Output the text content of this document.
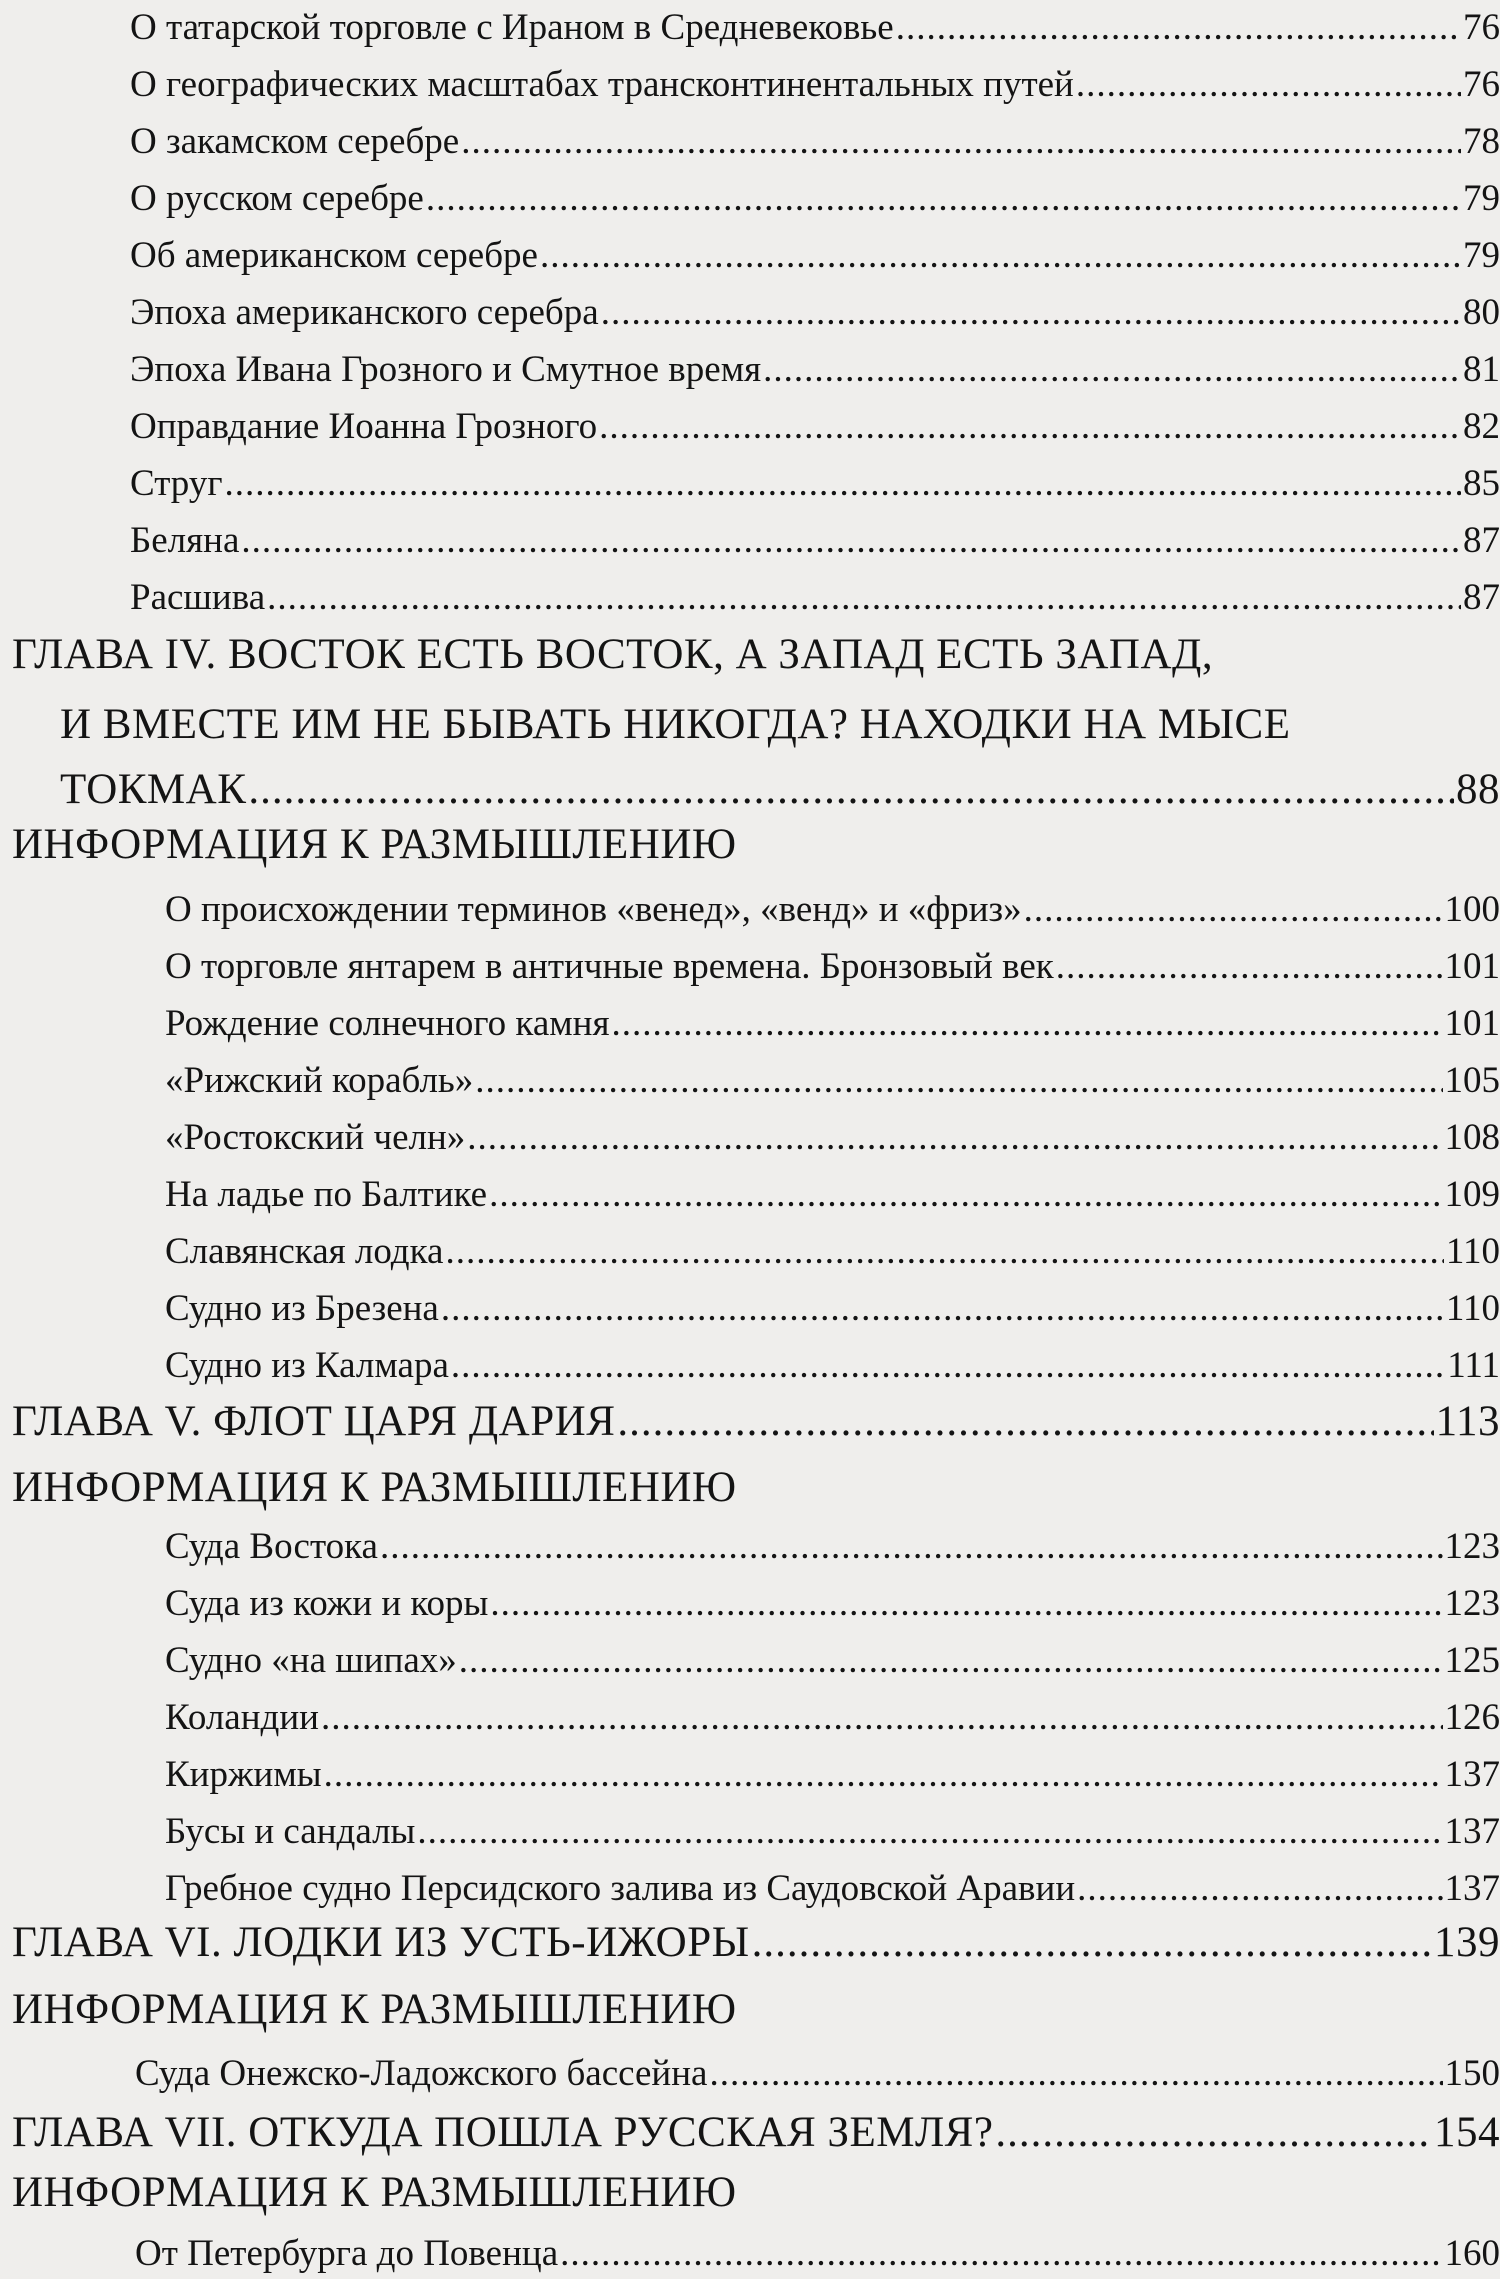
О татарской торговле с Ираном в Средневековье .....	76
О географических масштабах трансконтинентальных путей .....	76
О закамском серебре .....	78
О русском серебре .....	79
Об американском серебре .....	79
Эпоха американского серебра .....	80
Эпоха Ивана Грозного и Смутное время .....	81
Оправдание Иоанна Грозного .....	82
Струг .....	85
Беляна .....	87
Расшива .....	87
ГЛАВА IV. ВОСТОК ЕСТЬ ВОСТОК, А ЗАПАД ЕСТЬ ЗАПАД,
И ВМЕСТЕ ИМ НЕ БЫВАТЬ НИКОГДА? НАХОДКИ НА МЫСЕ
ТОКМАК .....	88
ИНФОРМАЦИЯ К РАЗМЫШЛЕНИЮ
О происхождении терминов «венед», «венд» и «фриз» .....	100
О торговле янтарем в античные времена. Бронзовый век .....	101
Рождение солнечного камня .....	101
«Рижский корабль» .....	105
«Ростокский челн» .....	108
На ладье по Балтике .....	109
Славянская лодка .....	110
Судно из Брезена .....	110
Судно из Калмара .....	111
ГЛАВА V. ФЛОТ ЦАРЯ ДАРИЯ .....	113
ИНФОРМАЦИЯ К РАЗМЫШЛЕНИЮ
Суда Востока .....	123
Суда из кожи и коры .....	123
Судно «на шипах» .....	125
Коландии .....	126
Киржимы .....	137
Бусы и сандалы .....	137
Гребное судно Персидского залива из Саудовской Аравии .....	137
ГЛАВА VI. ЛОДКИ ИЗ УСТЬ-ИЖОРЫ .....	139
ИНФОРМАЦИЯ К РАЗМЫШЛЕНИЮ
Суда Онежско-Ладожского бассейна .....	150
ГЛАВА VII. ОТКУДА ПОШЛА РУССКАЯ ЗЕМЛЯ? .....	154
ИНФОРМАЦИЯ К РАЗМЫШЛЕНИЮ
От Петербурга до Повенца .....	160
